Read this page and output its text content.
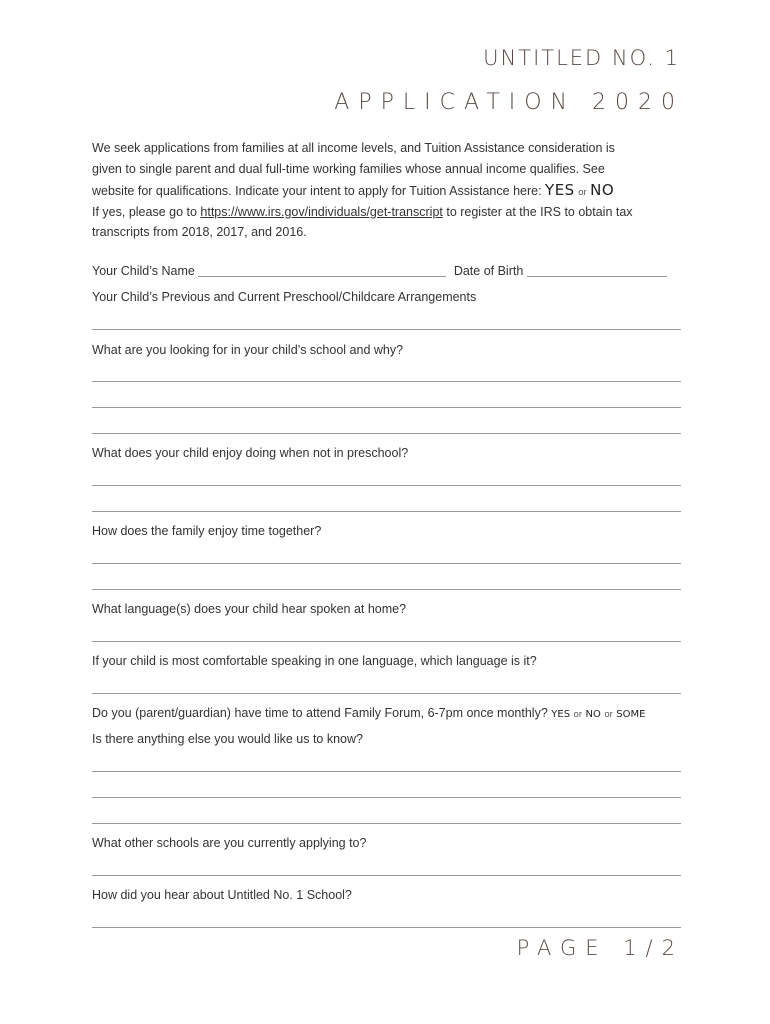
UNTITLED NO. 1
APPLICATION 2020
We seek applications from families at all income levels, and Tuition Assistance consideration is
given to single parent and dual full-time working families whose annual income qualifies. See
website for qualifications. Indicate your intent to apply for Tuition Assistance here: YES or NO
If yes, please go to https://www.irs.gov/individuals/get-transcript to register at the IRS to obtain tax
transcripts from 2018, 2017, and 2016.
Your Child’s Name	Date of Birth
Your Child’s Previous and Current Preschool/Childcare Arrangements
What are you looking for in your child’s school and why?
What does your child enjoy doing when not in preschool?
How does the family enjoy time together?
What language(s) does your child hear spoken at home?
If your child is most comfortable speaking in one language, which language is it?
Do you (parent/guardian) have time to attend Family Forum, 6-7pm once monthly? YES or NO or SOME
Is there anything else you would like us to know?
What other schools are you currently applying to?
How did you hear about Untitled No. 1 School?
PAGE 1/2
